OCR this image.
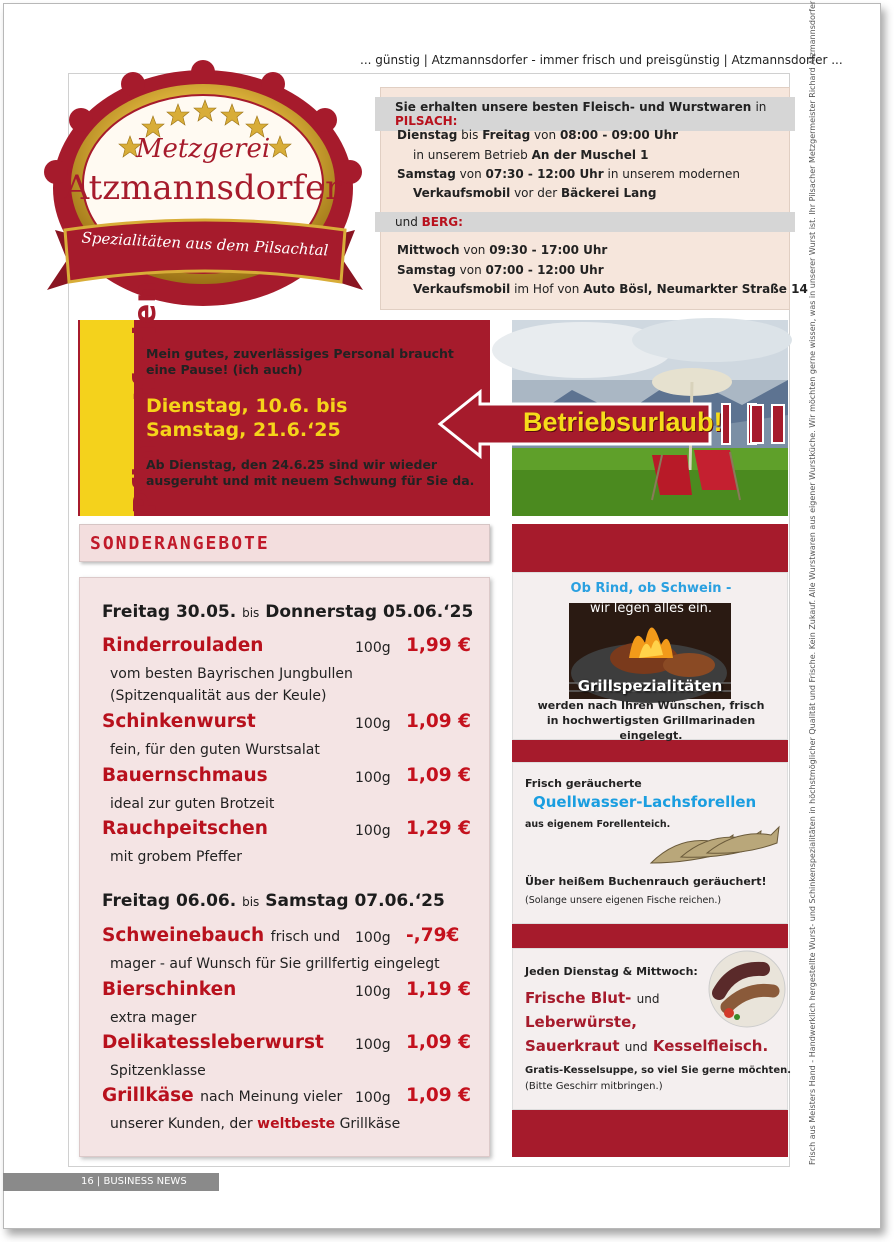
... günstig | Atzmannsdorfer - immer frisch und preisgünstig | Atzmannsdorfer ...
Frisch aus Meisters Hand - Handwerklich hergestellte Wurst- und Schinkenspezialitäten in höchstmöglicher Qualität und Frische. Kein Zukauf. Alle Wurstwaren aus eigener Wurstküche. Wir möchten gerne wissen, was in unserer Wurst ist. Ihr Pilsacher Metzgermeister Richard Atzmannsdorfer
Metzgerei
Atzmannsdorfer
Spezialitäten aus dem Pilsachtal
Sie erhalten unsere besten Fleisch- und Wurstwaren in PILSACH:
Dienstag bis Freitag von 08:00 - 09:00 Uhr
in unserem Betrieb An der Muschel 1
Samstag von 07:30 - 12:00 Uhr in unserem modernen
Verkaufsmobil vor der Bäckerei Lang
und BERG:
Mittwoch von 09:30 - 17:00 Uhr
Samstag von 07:00 - 12:00 Uhr
Verkaufsmobil im Hof von Auto Bösl, Neumarkter Straße 14
Pfingstferien
Mein gutes, zuverlässiges Personal braucht eine Pause! (ich auch)
Dienstag, 10.6. bis
Samstag, 21.6.‘25
Ab Dienstag, den 24.6.25 sind wir wieder ausgeruht und mit neuem Schwung für Sie da.
Betriebsurlaub!
SONDERANGEBOTE
Freitag 30.05. bis Donnerstag 05.06.‘25
Rinderrouladen	100g 1,99 €
vom besten Bayrischen Jungbullen
(Spitzenqualität aus der Keule)
Schinkenwurst	100g 1,09 €
fein, für den guten Wurstsalat
Bauernschmaus	100g 1,09 €
ideal zur guten Brotzeit
Rauchpeitschen	100g 1,29 €
mit grobem Pfeffer
Freitag 06.06. bis Samstag 07.06.‘25
Schweinebauch frisch und 100g -,79€
mager - auf Wunsch für Sie grillfertig eingelegt
Bierschinken	100g 1,19 €
extra mager
Delikatessleberwurst 100g 1,09 €
Spitzenklasse
Grillkäse nach Meinung vieler 100g 1,09 €
unserer Kunden, der weltbeste Grillkäse
Ob Rind, ob Schwein -
Grillspezialitäten
wir legen alles ein.
werden nach Ihren Wünschen, frisch in hochwertigsten Grillmarinaden eingelegt.
Frisch geräucherte
Quellwasser-Lachsforellen
aus eigenem Forellenteich.
Über heißem Buchenrauch geräuchert!
(Solange unsere eigenen Fische reichen.)
Jeden Dienstag & Mittwoch:
Frische Blut- und
Leberwürste,
Sauerkraut und Kesselfleisch.
Gratis-Kesselsuppe, so viel Sie gerne möchten.
(Bitte Geschirr mitbringen.)
16 | BUSINESS NEWS
